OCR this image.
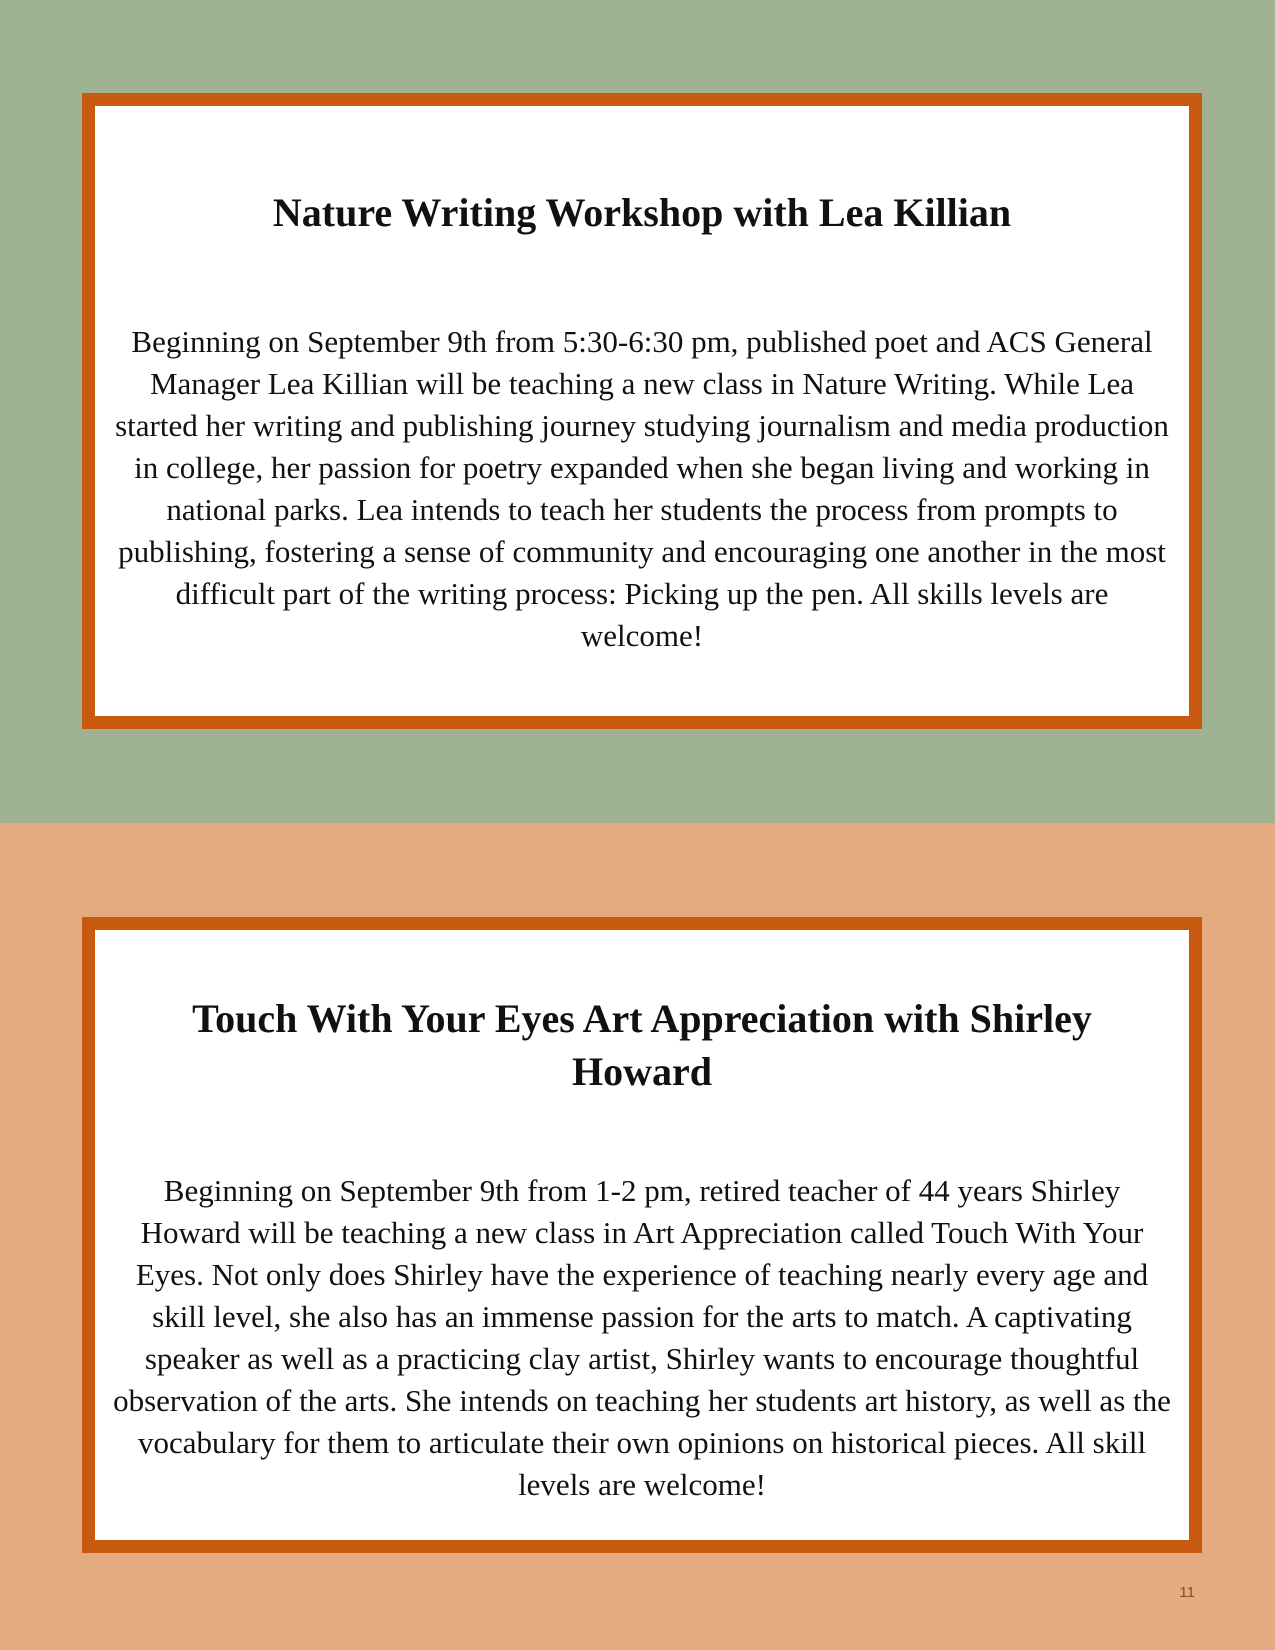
Nature Writing Workshop with Lea Killian

Beginning on September 9th from 5:30-6:30 pm, published poet and ACS General Manager Lea Killian will be teaching a new class in Nature Writing. While Lea started her writing and publishing journey studying journalism and media production in college, her passion for poetry expanded when she began living and working in national parks. Lea intends to teach her students the process from prompts to publishing, fostering a sense of community and encouraging one another in the most difficult part of the writing process: Picking up the pen. All skills levels are welcome!

Touch With Your Eyes Art Appreciation with Shirley Howard

Beginning on September 9th from 1-2 pm, retired teacher of 44 years Shirley Howard will be teaching a new class in Art Appreciation called Touch With Your Eyes. Not only does Shirley have the experience of teaching nearly every age and skill level, she also has an immense passion for the arts to match. A captivating speaker as well as a practicing clay artist, Shirley wants to encourage thoughtful observation of the arts. She intends on teaching her students art history, as well as the vocabulary for them to articulate their own opinions on historical pieces. All skill levels are welcome!

11
